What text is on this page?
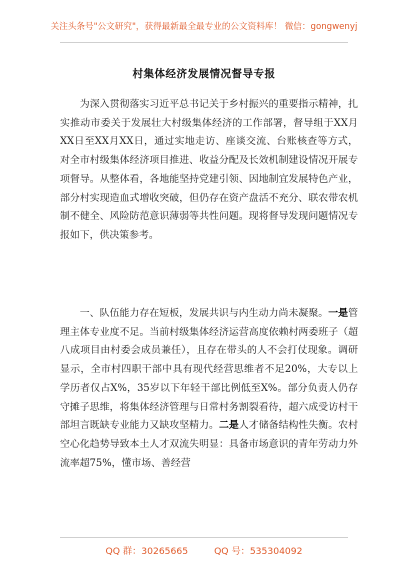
关注头条号"公文研究"，获得最新最全最专业的公文资料库！ 微信：gongwenyj
村集体经济发展情况督导专报

为深入贯彻落实习近平总书记关于乡村振兴的重要指示精神，扎实推动市委关于发展壮大村级集体经济的工作部署，督导组于XX月XX日至XX月XX日，通过实地走访、座谈交流、台账核查等方式，对全市村级集体经济项目推进、收益分配及长效机制建设情况开展专项督导。从整体看，各地能坚持党建引领、因地制宜发展特色产业，部分村实现造血式增收突破，但仍存在资产盘活不充分、联农带农机制不健全、风险防范意识薄弱等共性问题。现将督导发现问题情况专报如下，供决策参考。

一、队伍能力存在短板，发展共识与内生动力尚未凝聚。一是管理主体专业度不足。当前村级集体经济运营高度依赖村两委班子（超八成项目由村委会成员兼任），且存在带头的人不会打仗现象。调研显示，全市村四职干部中具有现代经营思维者不足20%，大专以上学历者仅占X%，35岁以下年轻干部比例低至X%。部分负责人仍存守摊子思维，将集体经济管理与日常村务割裂看待，超六成受访村干部坦言既缺专业能力又缺攻坚精力。二是人才储备结构性失衡。农村空心化趋势导致本土人才双流失明显：具备市场意识的青年劳动力外流率超75%，懂市场、善经营

QQ 群：30265665	QQ 号：535304092
